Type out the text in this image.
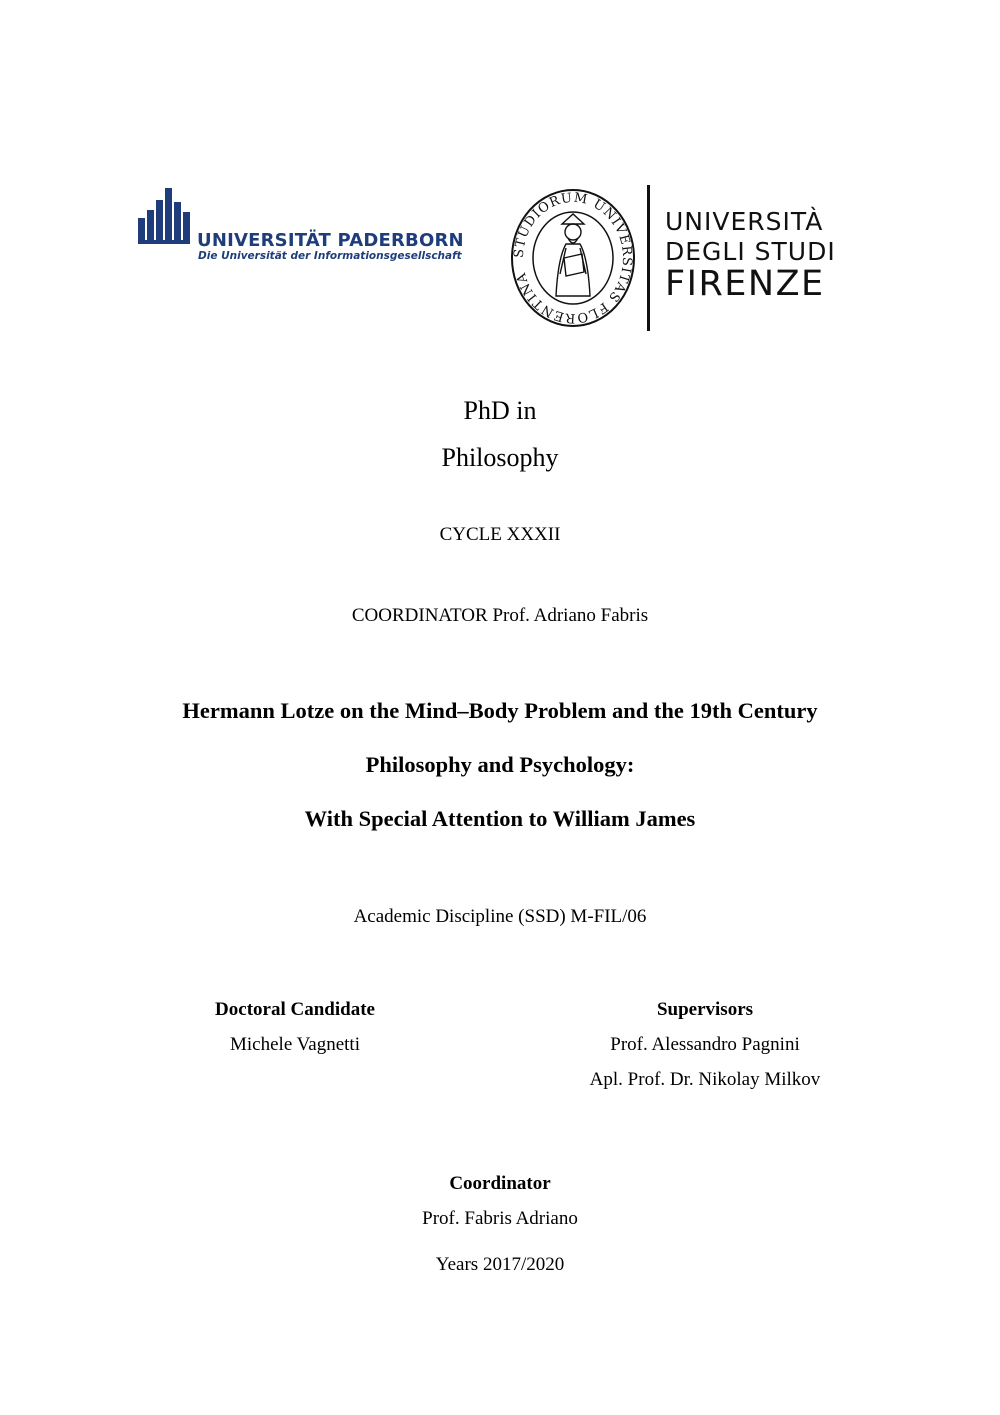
UNIVERSITÄT PADERBORN
Die Universität der Informationsgesellschaft	STUDIORUM UNIVERSITAS FLORENTINA
UNIVERSITÀ
DEGLI STUDI
FIRENZE
PhD in
Philosophy
CYCLE XXXII
COORDINATOR Prof. Adriano Fabris
Hermann Lotze on the Mind–Body Problem and the 19th Century
Philosophy and Psychology:
With Special Attention to William James
Academic Discipline (SSD) M-FIL/06
Doctoral Candidate
Michele Vagnetti
Supervisors
Prof. Alessandro Pagnini
Apl. Prof. Dr. Nikolay Milkov
Coordinator
Prof. Fabris Adriano
Years 2017/2020
